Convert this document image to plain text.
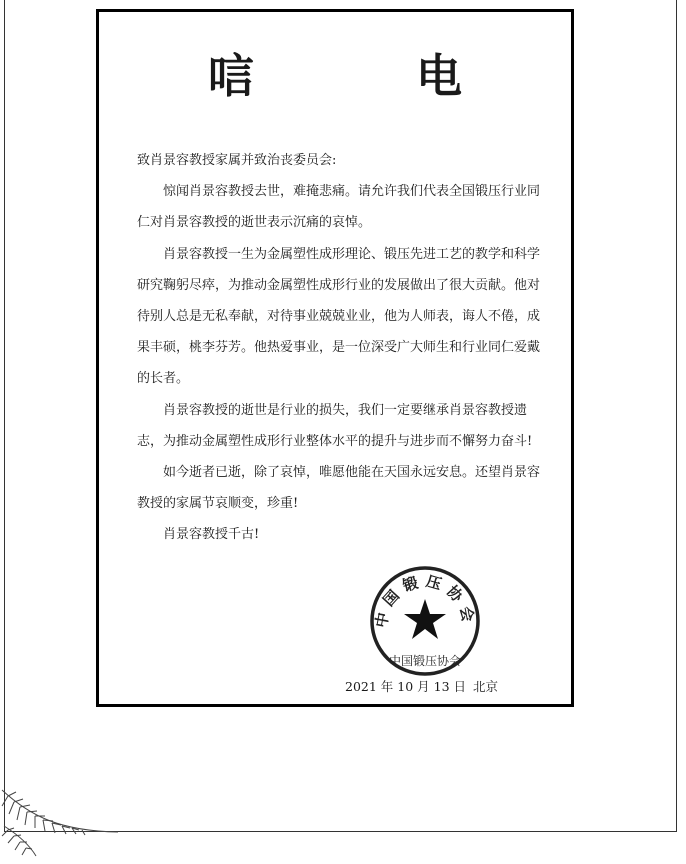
唁　电

致肖景容教授家属并致治丧委员会:

惊闻肖景容教授去世，难掩悲痛。请允许我们代表全国锻压行业同仁对肖景容教授的逝世表示沉痛的哀悼。

肖景容教授一生为金属塑性成形理论、锻压先进工艺的教学和科学研究鞠躬尽瘁，为推动金属塑性成形行业的发展做出了很大贡献。他对待别人总是无私奉献，对待事业兢兢业业，他为人师表，诲人不倦，成果丰硕，桃李芬芳。他热爱事业，是一位深受广大师生和行业同仁爱戴的长者。

肖景容教授的逝世是行业的损失，我们一定要继承肖景容教授遗志，为推动金属塑性成形行业整体水平的提升与进步而不懈努力奋斗!

如今逝者已逝，除了哀悼，唯愿他能在天国永远安息。还望肖景容教授的家属节哀顺变，珍重!

肖景容教授千古!

中国锻压协会
中国锻压协会
2021 年 10 月 13 日 北京
